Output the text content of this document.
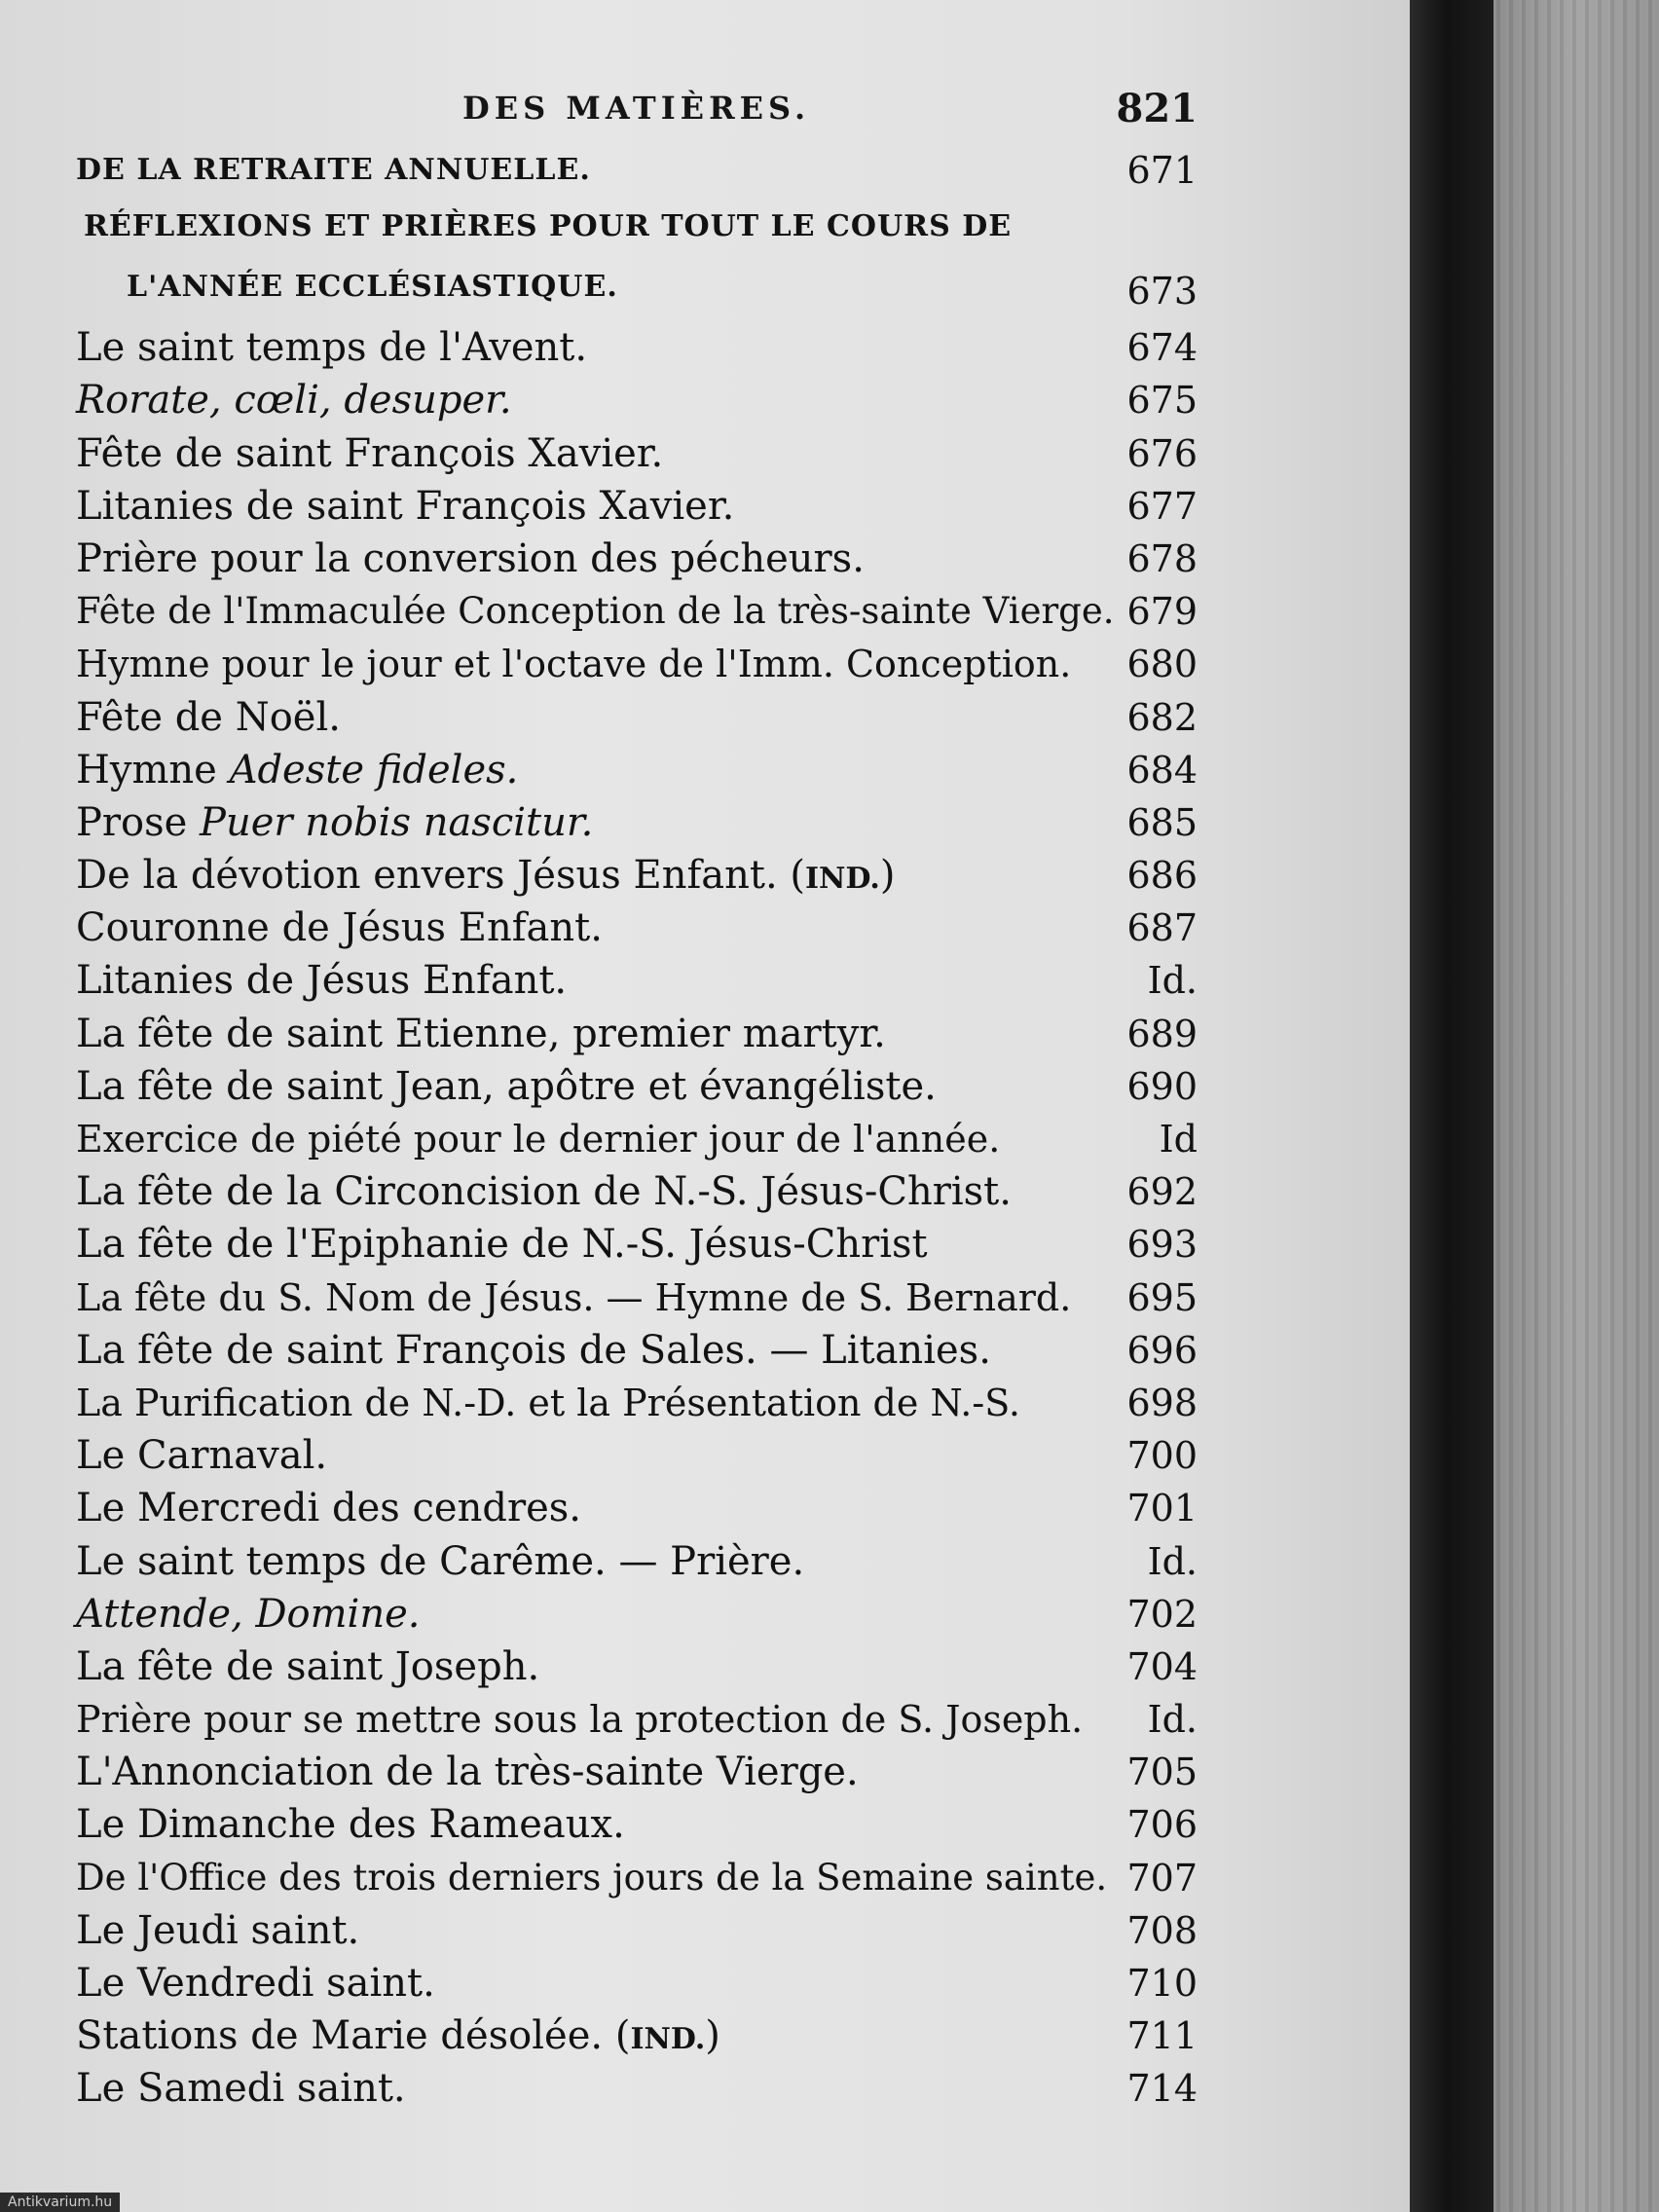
DES MATIÈRES.	821
DE LA RETRAITE ANNUELLE.	671
RÉFLEXIONS ET PRIÈRES POUR TOUT LE COURS DE
L'ANNÉE ECCLÉSIASTIQUE.	673
Le saint temps de l'Avent.	674
Rorate, cœli, desuper.	675
Fête de saint François Xavier.	676
Litanies de saint François Xavier.	677
Prière pour la conversion des pécheurs.	678
Fête de l'Immaculée Conception de la très-sainte Vierge. 679
Hymne pour le jour et l'octave de l'Imm. Conception. 680
Fête de Noël.	682
Hymne Adeste fideles.	684
Prose Puer nobis nascitur.	685
De la dévotion envers Jésus Enfant. (IND.)	686
Couronne de Jésus Enfant.	687
Litanies de Jésus Enfant.	Id.
La fête de saint Etienne, premier martyr.	689
La fête de saint Jean, apôtre et évangéliste.	690
Exercice de piété pour le dernier jour de l'année.	Id
La fête de la Circoncision de N.-S. Jésus-Christ.	692
La fête de l'Epiphanie de N.-S. Jésus-Christ	693
La fête du S. Nom de Jésus. — Hymne de S. Bernard. 695
La fête de saint François de Sales. — Litanies.	696
La Purification de N.-D. et la Présentation de N.-S.	698
Le Carnaval.	700
Le Mercredi des cendres.	701
Le saint temps de Carême. — Prière.	Id.
Attende, Domine.	702
La fête de saint Joseph.	704
Prière pour se mettre sous la protection de S. Joseph. Id.
L'Annonciation de la très-sainte Vierge.	705
Le Dimanche des Rameaux.	706
De l'Office des trois derniers jours de la Semaine sainte. 707
Le Jeudi saint.	708
Le Vendredi saint.	710
Stations de Marie désolée. (IND.)	711
Le Samedi saint.	714
Antikvarium.hu
